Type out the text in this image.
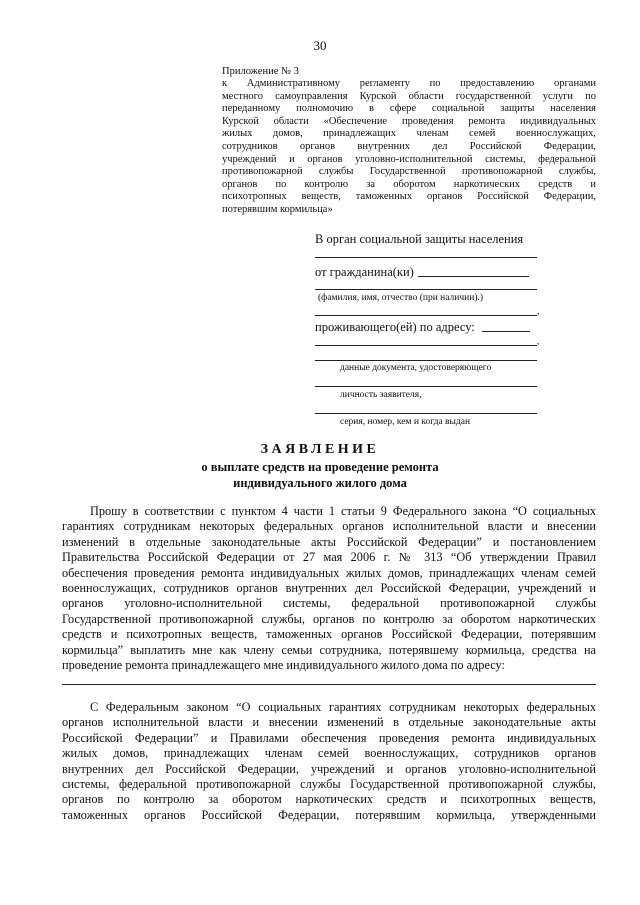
30
Приложение № 3
к Административному регламенту по предоставлению органами
местного самоуправления Курской области государственной услуги по
переданному полномочию в сфере социальной защиты населения
Курской области «Обеспечение проведения ремонта индивидуальных
жилых домов, принадлежащих членам семей военнослужащих,
сотрудников органов внутренних дел Российской Федерации,
учреждений и органов уголовно-исполнительной системы, федеральной
противопожарной службы Государственной противопожарной службы,
органов по контролю за оборотом наркотических средств и
психотропных веществ, таможенных органов Российской Федерации,
потерявшим кормильца»
В орган социальной защиты населения
от гражданина(ки)
(фамилия, имя, отчество (при наличии).)
,
проживающего(ей) по адресу:
,
данные документа, удостоверяющего
личность заявителя,
серия, номер, кем и когда выдан
ЗАЯВЛЕНИЕ
о выплате средств на проведение ремонта
индивидуального жилого дома
Прошу в соответствии с пунктом 4 части 1 статьи 9 Федерального закона “О социальных
гарантиях сотрудникам некоторых федеральных органов исполнительной власти и внесении
изменений в отдельные законодательные акты Российской Федерации” и постановлением
Правительства Российской Федерации от 27 мая 2006 г. № 313 “Об утверждении Правил
обеспечения проведения ремонта индивидуальных жилых домов, принадлежащих членам семей
военнослужащих, сотрудников органов внутренних дел Российской Федерации, учреждений и
органов уголовно-исполнительной системы, федеральной противопожарной службы
Государственной противопожарной службы, органов по контролю за оборотом наркотических
средств и психотропных веществ, таможенных органов Российской Федерации, потерявшим
кормильца” выплатить мне как члену семьи сотрудника, потерявшему кормильца, средства на
проведение ремонта принадлежащего мне индивидуального жилого дома по адресу:
С Федеральным законом “О социальных гарантиях сотрудникам некоторых федеральных
органов исполнительной власти и внесении изменений в отдельные законодательные акты
Российской Федерации” и Правилами обеспечения проведения ремонта индивидуальных
жилых домов, принадлежащих членам семей военнослужащих, сотрудников органов
внутренних дел Российской Федерации, учреждений и органов уголовно-исполнительной
системы, федеральной противопожарной службы Государственной противопожарной службы,
органов по контролю за оборотом наркотических средств и психотропных веществ,
таможенных органов Российской Федерации, потерявшим кормильца, утвержденными
